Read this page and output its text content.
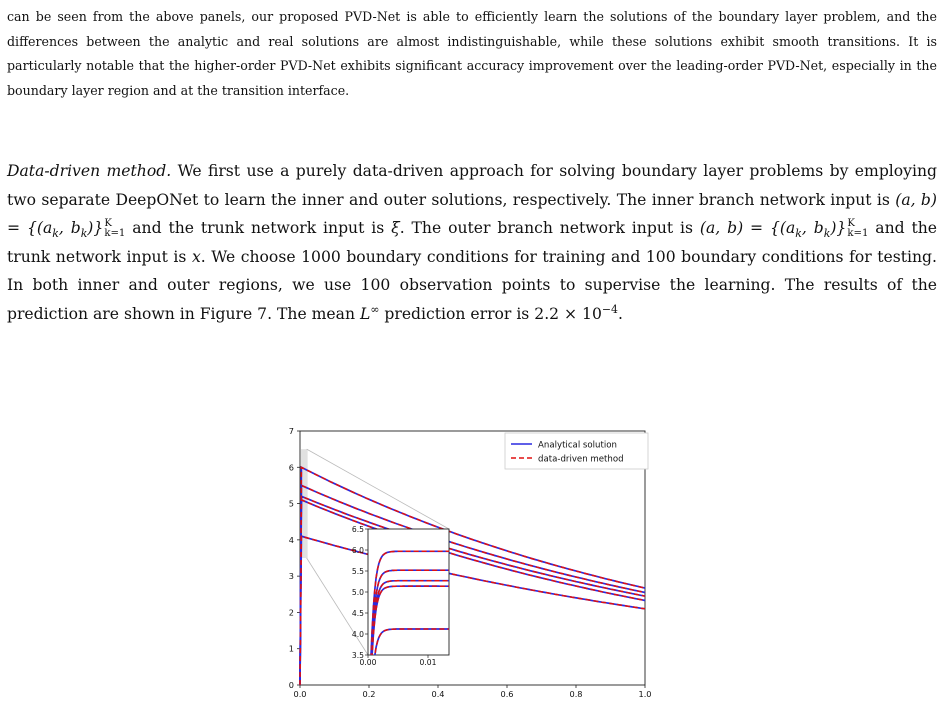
can be seen from the above panels, our proposed PVD-Net is able to efficiently learn the solutions of the boundary layer problem, and the differences between the analytic and real solutions are almost indistinguishable, while these solutions exhibit smooth transitions. It is particularly notable that the higher-order PVD-Net exhibits significant accuracy improvement over the leading-order PVD-Net, especially in the boundary layer region and at the transition interface.
Data-driven method. We first use a purely data-driven approach for solving boundary layer problems by employing two separate DeepONet to learn the inner and outer solutions, respectively. The inner branch network input is (a, $b) = \{(a_k$, $b_k$)} K
k=1 and the trunk network input is ξ. The outer branch network input is (a, $b) = \{(a_k$, $b_k$)} K
k=1 and the trunk network input is x. We choose 1000 boundary conditions for training and 100 boundary conditions for testing. In both inner and outer regions, we use 100 observation points to supervise the learning. The results of the prediction are shown in Figure 7. The mean L∞ prediction error is $2.2 \times 10^{-4}$.
0.0	0.2	0.4	0.6	0.8	1.0
0
1
2
3
4
5
6
7
0.00	0.01
3.5
4.0
4.5
5.0
5.5
6.0
6.5
Analytical solution
data-driven method
